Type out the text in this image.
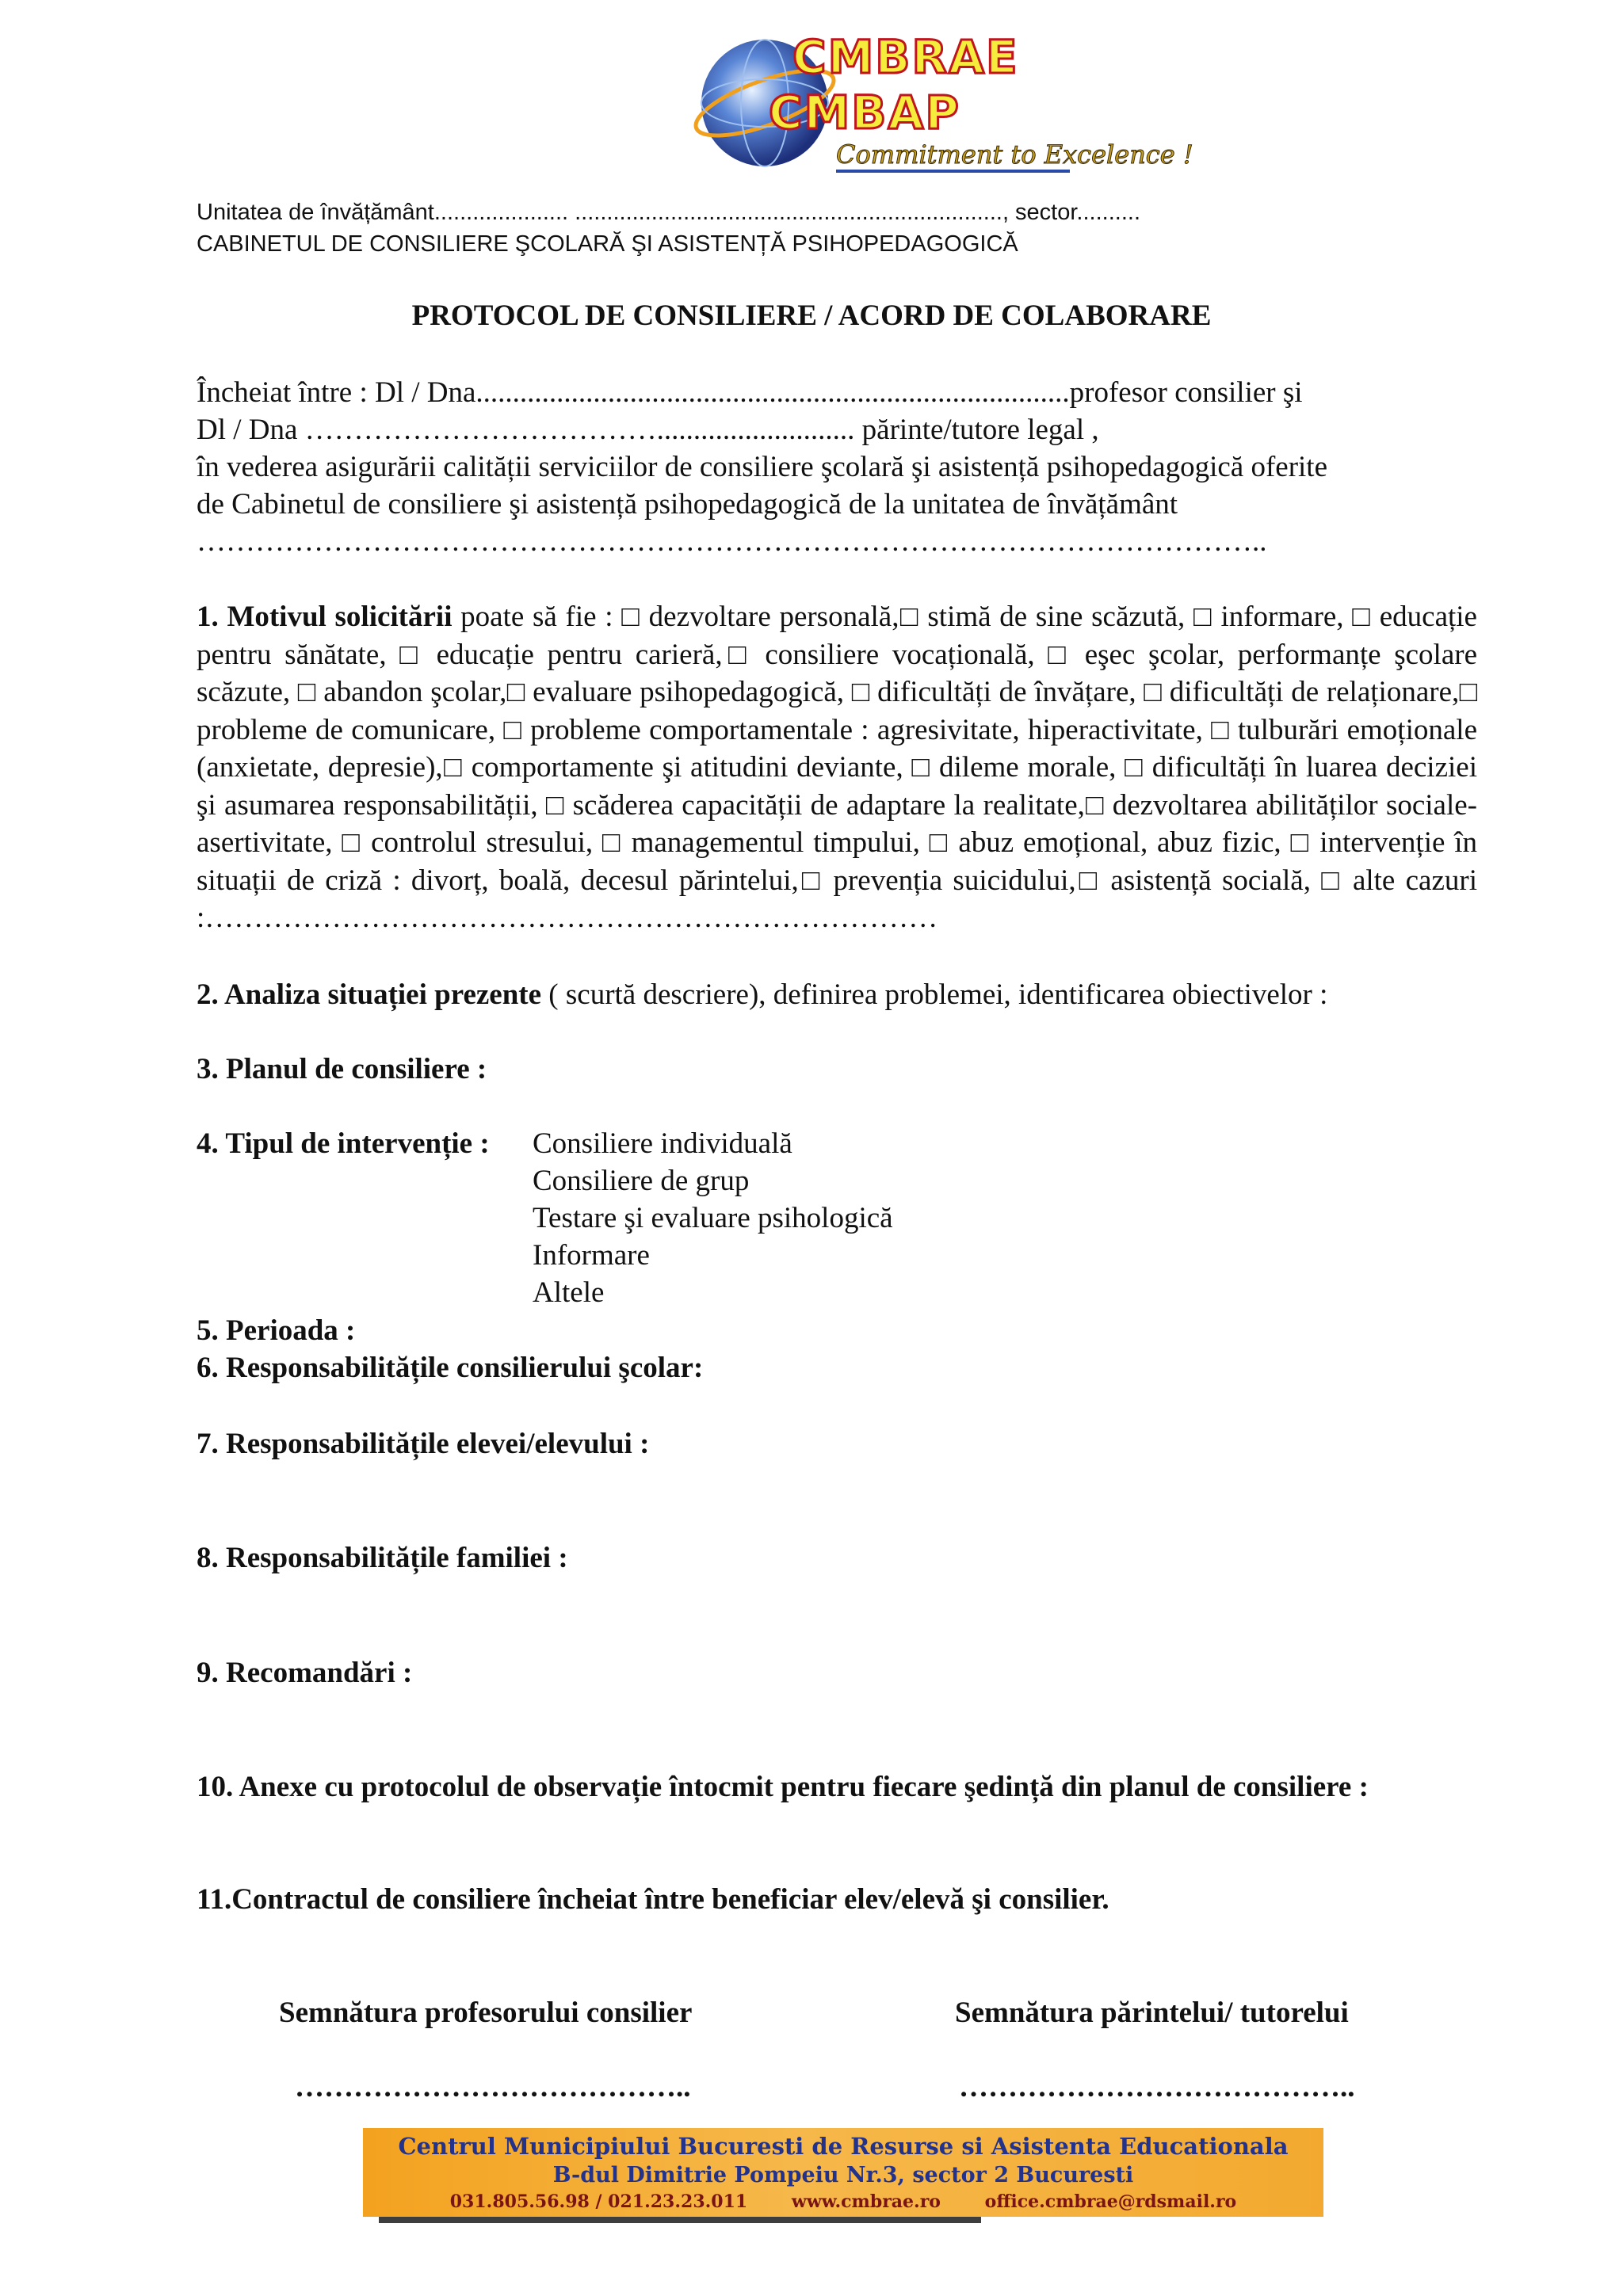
CMBRAE
CMBAP
Commitment to Excelence !
Unitatea de învățământ..................... ..................................................................., sector..........
CABINETUL DE CONSILIERE ŞCOLARĂ ŞI ASISTENȚĂ PSIHOPEDAGOGICĂ
PROTOCOL DE CONSILIERE / ACORD DE COLABORARE
Încheiat între : Dl / Dna.................................................................................profesor consilier şi
Dl / Dna ………………………………........................... părinte/tutore legal ,
în vederea asigurării calității serviciilor de consiliere şcolară şi asistență psihopedagogică oferite
de Cabinetul de consiliere şi asistență psihopedagogică de la unitatea de învățământ
………………………………………………………………………………………………..
1. Motivul solicitării poate să fie : □ dezvoltare personală,□ stimă de sine scăzută, □ informare, □ educație pentru sănătate, □ educație pentru carieră,□ consiliere vocațională, □ eşec şcolar, performanțe şcolare scăzute, □ abandon şcolar,□ evaluare psihopedagogică, □ dificultăți de învățare, □ dificultăți de relaționare,□ probleme de comunicare, □ probleme comportamentale : agresivitate, hiperactivitate, □ tulburări emoționale (anxietate, depresie),□ comportamente şi atitudini deviante, □ dileme morale, □ dificultăți în luarea deciziei şi asumarea responsabilității, □ scăderea capacității de adaptare la realitate,□ dezvoltarea abilităților sociale-asertivitate, □ controlul stresului, □ managementul timpului, □ abuz emoțional, abuz fizic, □ intervenție în situații de criză : divorț, boală, decesul părintelui,□ prevenția suicidului,□ asistență socială, □ alte cazuri :…………………………………………………………………
2. Analiza situației prezente ( scurtă descriere), definirea problemei, identificarea obiectivelor :
3. Planul de consiliere :
4. Tipul de intervenție : Consiliere individuală
Consiliere de grup
Testare şi evaluare psihologică
Informare
Altele
5. Perioada :
6. Responsabilitățile consilierului şcolar:
7. Responsabilitățile elevei/elevului :
8. Responsabilitățile familiei :
9. Recomandări :
10. Anexe cu protocolul de observație întocmit pentru fiecare şedință din planul de consiliere :
11.Contractul de consiliere încheiat între beneficiar elev/elevă şi consilier.
Semnătura profesorului consilier	Semnătura părintelui/ tutorelui
…………………………………..	…………………………………..
Centrul Municipiului Bucuresti de Resurse si Asistenta Educationala
B-dul Dimitrie Pompeiu Nr.3, sector 2 Bucuresti
031.805.56.98 / 021.23.23.011	www.cmbrae.ro	office.cmbrae@rdsmail.ro
